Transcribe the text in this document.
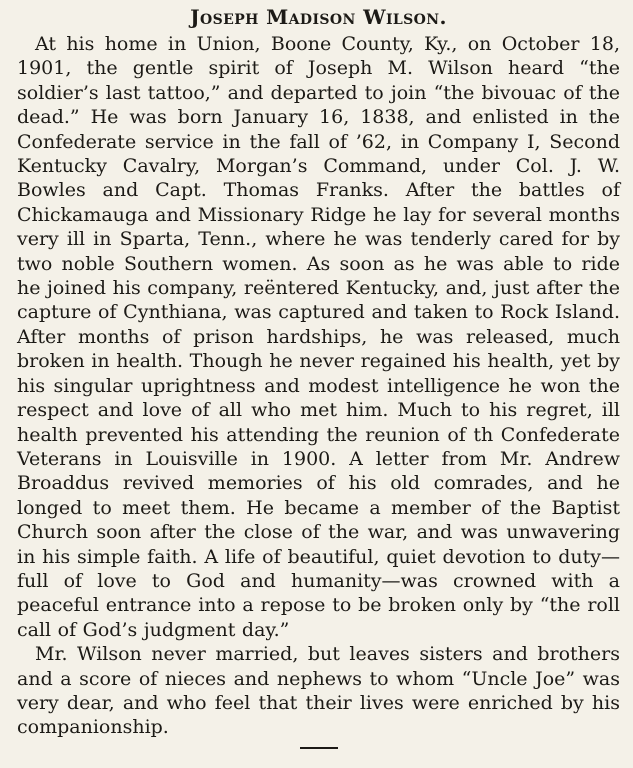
Joseph Madison Wilson.

At his home in Union, Boone County, Ky., on October 18, 1901, the gentle spirit of Joseph M. Wilson heard “the soldier’s last tattoo,” and departed to join “the bivouac of the dead.” He was born January 16, 1838, and enlisted in the Confederate service in the fall of ’62, in Company I, Second Kentucky Cavalry, Morgan’s Command, under Col. J. W. Bowles and Capt. Thomas Franks. After the battles of Chickamauga and Missionary Ridge he lay for several months very ill in Sparta, Tenn., where he was tenderly cared for by two noble Southern women. As soon as he was able to ride he joined his company, reëntered Kentucky, and, just after the capture of Cynthiana, was captured and taken to Rock Island. After months of prison hardships, he was released, much broken in health. Though he never regained his health, yet by his singular uprightness and modest intelligence he won the respect and love of all who met him. Much to his regret, ill health prevented his attending the reunion of th Confederate Veterans in Louisville in 1900. A letter from Mr. Andrew Broaddus revived memories of his old comrades, and he longed to meet them. He became a member of the Baptist Church soon after the close of the war, and was unwavering in his simple faith. A life of beautiful, quiet devotion to duty—full of love to God and humanity—was crowned with a peaceful entrance into a repose to be broken only by “the roll call of God’s judgment day.”

Mr. Wilson never married, but leaves sisters and brothers and a score of nieces and nephews to whom “Uncle Joe” was very dear, and who feel that their lives were enriched by his companionship.
